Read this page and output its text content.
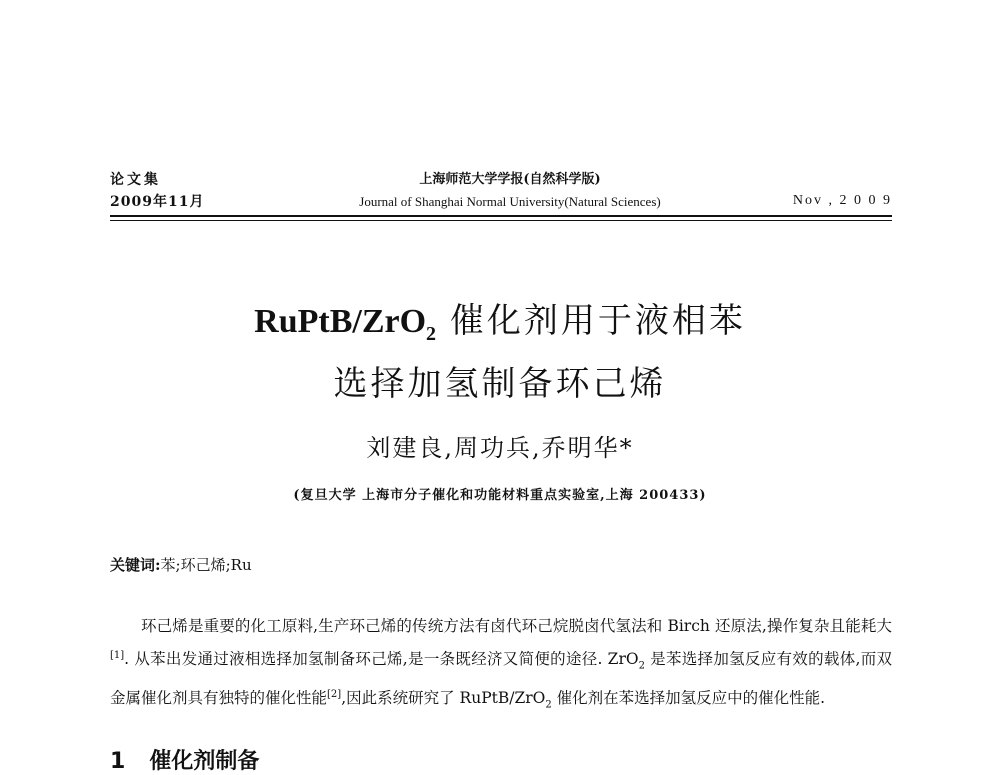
论文集
2009年11月
上海师范大学学报(自然科学版)
Journal of Shanghai Normal University(Natural Sciences)	Nov , 2 0 0 9
RuPtB/ZrO$_2$ 催化剂用于液相苯
选择加氢制备环己烯
刘建良,周功兵,乔明华*
(复旦大学 上海市分子催化和功能材料重点实验室,上海 200433)
关键词:苯;环己烯;Ru
环己烯是重要的化工原料,生产环己烯的传统方法有卤代环己烷脱卤代氢法和 Birch 还原法,操作复杂且能耗大[1]. 从苯出发通过液相选择加氢制备环己烯,是一条既经济又简便的途径. ZrO$_2$ 是苯选择加氢反应有效的载体,而双金属催化剂具有独特的催化性能[2],因此系统研究了 RuPtB/ZrO$_2$ 催化剂在苯选择加氢反应中的催化性能.
1 催化剂制备
